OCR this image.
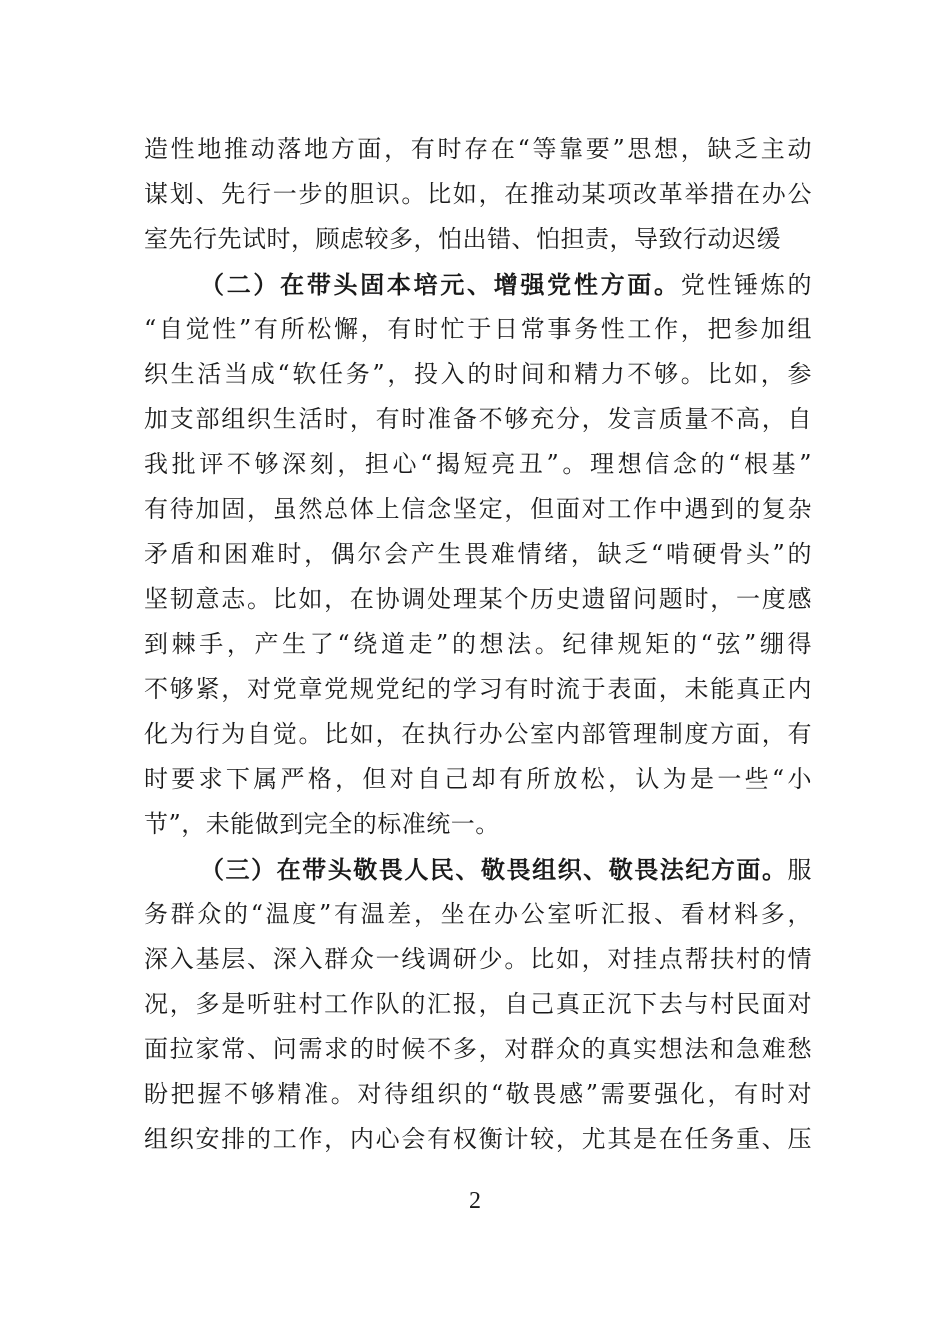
造性地推动落地方面，有时存在“等靠要”思想，缺乏主动
谋划、先行一步的胆识。比如，在推动某项改革举措在办公
室先行先试时，顾虑较多，怕出错、怕担责，导致行动迟缓
（二）在带头固本培元、增强党性方面。党性锤炼的
“自觉性”有所松懈，有时忙于日常事务性工作，把参加组
织生活当成“软任务”，投入的时间和精力不够。比如，参
加支部组织生活时，有时准备不够充分，发言质量不高，自
我批评不够深刻，担心“揭短亮丑”。理想信念的“根基”
有待加固，虽然总体上信念坚定，但面对工作中遇到的复杂
矛盾和困难时，偶尔会产生畏难情绪，缺乏“啃硬骨头”的
坚韧意志。比如，在协调处理某个历史遗留问题时，一度感
到棘手，产生了“绕道走”的想法。纪律规矩的“弦”绷得
不够紧，对党章党规党纪的学习有时流于表面，未能真正内
化为行为自觉。比如，在执行办公室内部管理制度方面，有
时要求下属严格，但对自己却有所放松，认为是一些“小
节”，未能做到完全的标准统一。
（三）在带头敬畏人民、敬畏组织、敬畏法纪方面。服
务群众的“温度”有温差，坐在办公室听汇报、看材料多，
深入基层、深入群众一线调研少。比如，对挂点帮扶村的情
况，多是听驻村工作队的汇报，自己真正沉下去与村民面对
面拉家常、问需求的时候不多，对群众的真实想法和急难愁
盼把握不够精准。对待组织的“敬畏感”需要强化，有时对
组织安排的工作，内心会有权衡计较，尤其是在任务重、压
2
